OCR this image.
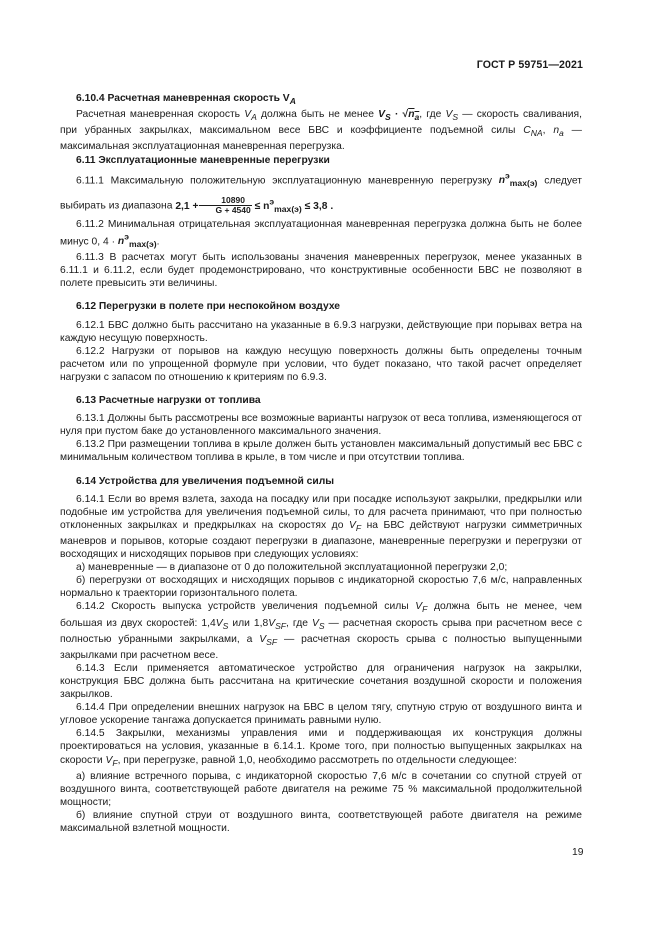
ГОСТ Р 59751—2021

6.10.4 Расчетная маневренная скорость $V_A$

Расчетная маневренная скорость $V_A$ должна быть не менее $V_S \cdot √n_a$, где $V_S$ — скорость сваливания, при убранных закрылках, максимальном весе БВС и коэффициенте подъемной силы $C_{NA}$, $n_a$ — максимальная эксплуатационная маневренная перегрузка.

6.11 Эксплуатационные маневренные перегрузки

6.11.1 Максимальную положительную эксплуатационную маневренную перегрузку $n^э_{max(э)}$ следует выбирать из диапазона $2,1 + \frac{10890}{G + 4540} \le n^э_{max(э)} \le 3,8$ .

6.11.2 Минимальная отрицательная эксплуатационная маневренная перегрузка должна быть не более минус 0, $4 \cdot n^э_{max(э)}$.

6.11.3 В расчетах могут быть использованы значения маневренных перегрузок, менее указанных в 6.11.1 и 6.11.2, если будет продемонстрировано, что конструктивные особенности БВС не позволяют в полете превысить эти величины.

6.12 Перегрузки в полете при неспокойном воздухе

6.12.1 БВС должно быть рассчитано на указанные в 6.9.3 нагрузки, действующие при порывах ветра на каждую несущую поверхность.

6.12.2 Нагрузки от порывов на каждую несущую поверхность должны быть определены точным расчетом или по упрощенной формуле при условии, что будет показано, что такой расчет определяет нагрузки с запасом по отношению к критериям по 6.9.3.

6.13 Расчетные нагрузки от топлива

6.13.1 Должны быть рассмотрены все возможные варианты нагрузок от веса топлива, изменяющегося от нуля при пустом баке до установленного максимального значения.

6.13.2 При размещении топлива в крыле должен быть установлен максимальный допустимый вес БВС с минимальным количеством топлива в крыле, в том числе и при отсутствии топлива.

6.14 Устройства для увеличения подъемной силы

6.14.1 Если во время взлета, захода на посадку или при посадке используют закрылки, предкрылки или подобные им устройства для увеличения подъемной силы, то для расчета принимают, что при полностью отклоненных закрылках и предкрылках на скоростях до $V_F$ на БВС действуют нагрузки симметричных маневров и порывов, которые создают перегрузки в диапазоне, маневренные перегрузки и перегрузки от восходящих и нисходящих порывов при следующих условиях:

а) маневренные — в диапазоне от 0 до положительной эксплуатационной перегрузки 2,0;

б) перегрузки от восходящих и нисходящих порывов с индикаторной скоростью 7,6 м/с, направленных нормально к траектории горизонтального полета.

6.14.2 Скорость выпуска устройств увеличения подъемной силы $V_F$ должна быть не менее, чем большая из двух скоростей: $1,4V_S$ или $1,8V_{SF}$, где $V_S$ — расчетная скорость срыва при расчетном весе с полностью убранными закрылками, а $V_{SF}$ — расчетная скорость срыва с полностью выпущенными закрылками при расчетном весе.

6.14.3 Если применяется автоматическое устройство для ограничения нагрузок на закрылки, конструкция БВС должна быть рассчитана на критические сочетания воздушной скорости и положения закрылков.

6.14.4 При определении внешних нагрузок на БВС в целом тягу, спутную струю от воздушного винта и угловое ускорение тангажа допускается принимать равными нулю.

6.14.5 Закрылки, механизмы управления ими и поддерживающая их конструкция должны проектироваться на условия, указанные в 6.14.1. Кроме того, при полностью выпущенных закрылках на скорости $V_F$, при перегрузке, равной 1,0, необходимо рассмотреть по отдельности следующее:

а) влияние встречного порыва, с индикаторной скоростью 7,6 м/с в сочетании со спутной струей от воздушного винта, соответствующей работе двигателя на режиме 75 % максимальной продолжительной мощности;

б) влияние спутной струи от воздушного винта, соответствующей работе двигателя на режиме максимальной взлетной мощности.

19
